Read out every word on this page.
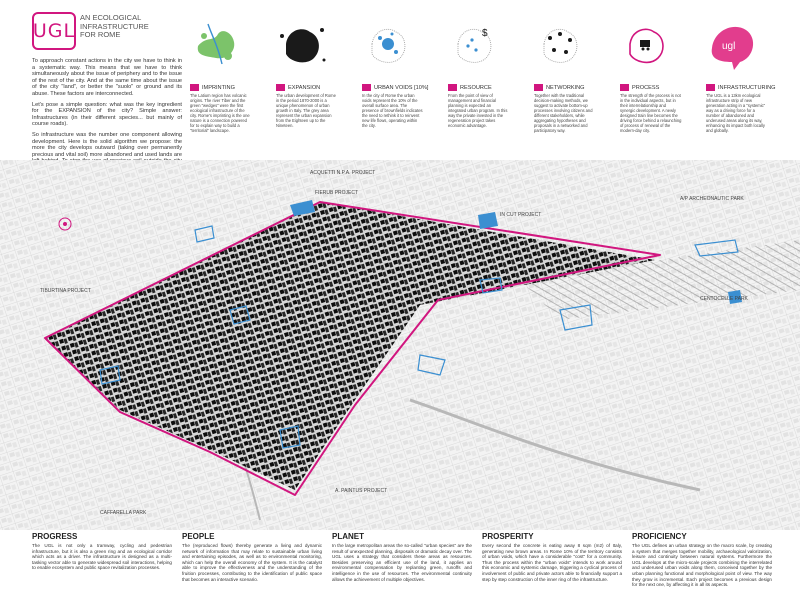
UGL
AN ECOLOGICAL INFRASTRUCTURE FOR ROME

To approach constant actions in the city we have to think in a systematic way. This means that we have to think simultaneously about the issue of periphery and to the issue of the rest of the city. And at the same time about the issue of the city "land", or better the "suolo" or ground and its abuse. These factors are interconnected.

Let's pose a simple question: what was the key ingredient for the EXPANSION of the city? Simple answer: Infrastructures (in their different species... but mainly of course roads).

So infrastructure was the number one component allowing development. Here is the solid algorithm we propose: the more the city develops outward (taking over permanently precious and vital soil) more abandoned and used lands are

$
ugl
IMPRINTING
The Latium region has volcanic origins. The river Tiber and the green "wedges" were the first ecological infrastructure of the city. Rome's imprinting is the one nature is a connection powered for to explain way to build a "territorial" landscape.
EXPANSION
The urban development of Rome in the period 1870-2000 is a unique phenomenon of urban growth in Italy. The grey area represent the urban expansion from the Eighteen up to the Nineteen.
URBAN VOIDS [10%]
In the city of Rome the urban voids represent the 10% of the overall surface area. The presence of brownfields indicates the need to rethink it to reinvent new life flows, operating within the city.
RESOURCE
From the point of view of management and financial planning is expected an integrated urban program. In this way the private invested in the regeneration project takes economic advantage.
NETWORKING
Together with the traditional decision-making methods, we suggest to activate bottom-up processes involving citizens and different stakeholders, while aggregating hypotheses and proposals in a networked and participatory way.
PROCESS
The strength of the process is not in the individual aspects, but in their interrelationship and synergic development. A newly designed train line becomes the driving force behind a relaunching of process of renewal of the modern-day city.
INFRASTRUCTURING
The UGL is a 13km ecological infrastructure strip of new generation acting in a "systemic" way as a driving force for a number of abandoned and underused areas along its way, enhancing its impact both locally and globally.
ACQUETTI N.P.A. PROJECT
FIERUB PROJECT
IN CUT PROJECT
A/P ARCHEONAUTIC PARK
TIBURTINA PROJECT
CENTOCELLE PARK
CAFFARELLA PARK
A. PAINTUS PROJECT
PROGRESS
The UGL is not only a tramway, cycling and pedestrian infrastructure, but it is also a green ring and an ecological corridor which acts as a driver. The infrastructure is designed as a multi-tasking vector able to generate widespread soil interactions, helping to enable ecosystem and public space revitalization processes.
PEOPLE
The (reproduced flows) thereby generate a living and dynamic network of information that may relate to sustainable urban living and entertaining episodes, as well as to environmental monitoring, which can help the overall economy of the system. It is the catalyst able to improve the effectiveness and the understanding of the fruition processes, contributing to the identification of public space that becomes an interactive scenario.
PLANET
In the large metropolitan areas the so-called "urban species" are the result of unexpected planning, disposals or dramatic decay over. The UGL uses a strategy that considers these areas as resources. Besides preserving an efficient use of the land, it applies an environmental compensation by replanting green, runoffs and intelligence in the use of resources. The environmental continuity allows the achievement of multiple objectives.
PROSPERITY
Every second the concrete is eating away 8 sqm (m2) of Italy, generating new brown areas. In Rome 10% of the territory consists of urban voids, which have a considerable "cost" for a community. Thus the process within the "urban voids" intends to work around this economic and systemic damage, triggering a cyclical process of involvement of public and private actors able to financially support a step by step construction of the inner ring of the infrastructure.
PROFICIENCY
The UGL defines an urban strategy on the macro scale, by creating a system that merges together mobility, archaeological valorization, leisure and continuity between natural systems. Furthermore the UGL develops at the micro-scale projects combining the interrelated and underused urban voids along them, conceived together by the urban planning functional and morphological point of view. The way they grow is incremental. Each project becomes a previous design for the next one, by affecting it in all its aspects.
